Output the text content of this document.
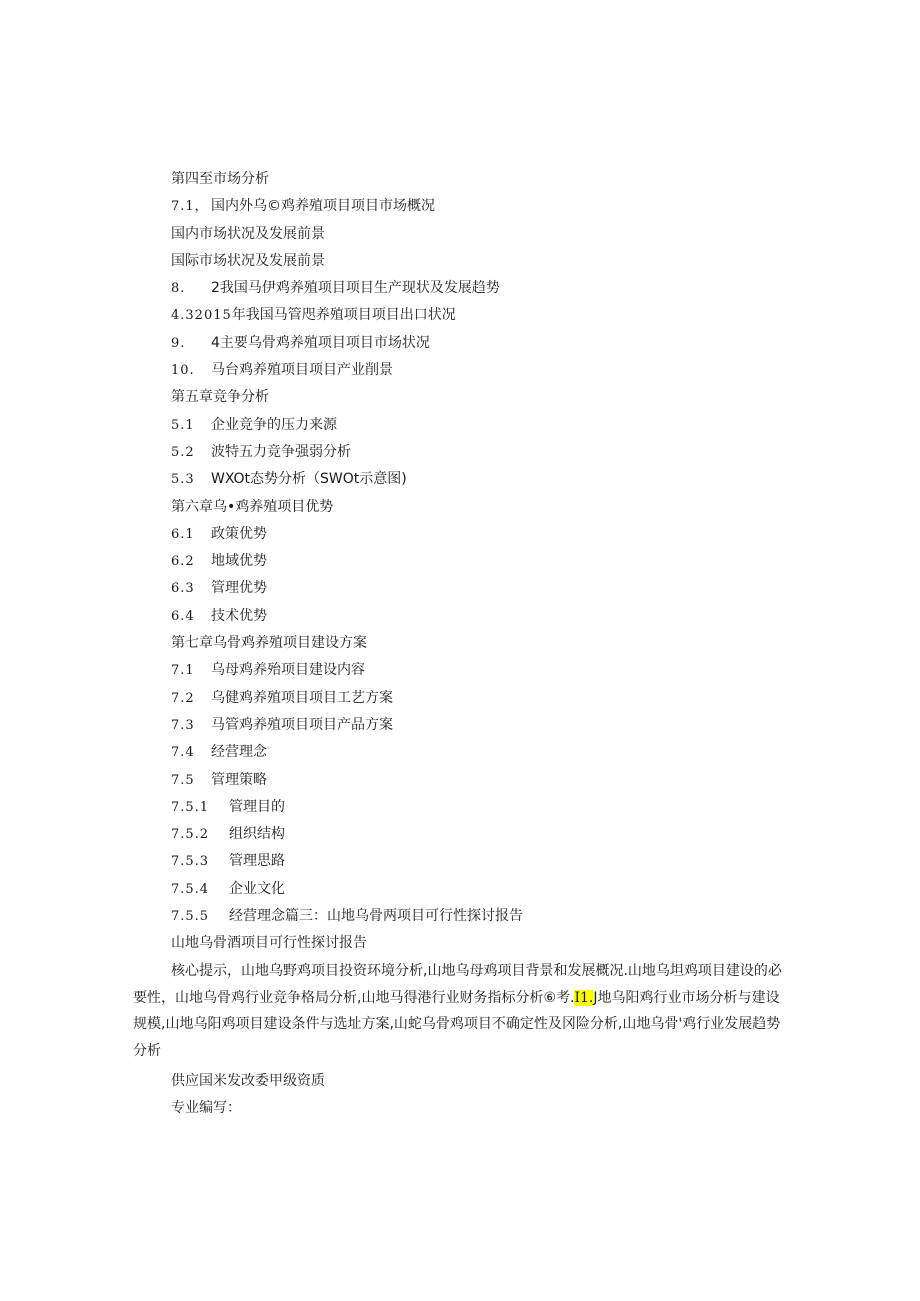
第四至市场分析
7.1， 国内外乌©鸡养殖项目项目市场概况
国内市场状况及发展前景
国际市场状况及发展前景
8.	2我国马伊鸡养殖项目项目生产现状及发展趋势
4.32015 年我国马管咫养殖项目项目出口状况
9.	4主要乌骨鸡养殖项目项目市场状况
10.	马台鸡养殖项目项目产业削景
第五章竞争分析
5.1	企业竞争的压力来源
5.2	波特五力竞争强弱分析
5.3	WXOt态势分析（SWOt示意图)
第六章乌•鸡养殖项目优势
6.1	政策优势
6.2	地域优势
6.3	管理优势
6.4	技术优势
第七章乌骨鸡养殖项目建设方案
7.1	乌母鸡养殆项目建设内容
7.2	乌健鸡养殖项目项目工艺方案
7.3	马管鸡养殖项目项目产品方案
7.4	经营理念
7.5	管理策略
7.5.1	管理目的
7.5.2	组织结构
7.5.3	管理思路
7.5.4	企业文化
7.5.5	经营理念篇三：山地乌骨两项目可行性探讨报告
山地乌骨酒项目可行性探讨报告
核心提示，山地乌野鸡项目投资环境分析,山地乌母鸡项目背景和发展概况.山地乌坦鸡项目建设的必要性，山地乌骨鸡行业竞争格局分析,山地马得港行业财务指标分析⑥考.I1.J地乌阳鸡行业市场分析与建设规模,山地乌阳鸡项目建设条件与选址方案,山蛇乌骨鸡项目不确定性及冈险分析,山地乌骨'鸡行业发展趋势分析
供应国米发改委甲级资质
专业编写：
